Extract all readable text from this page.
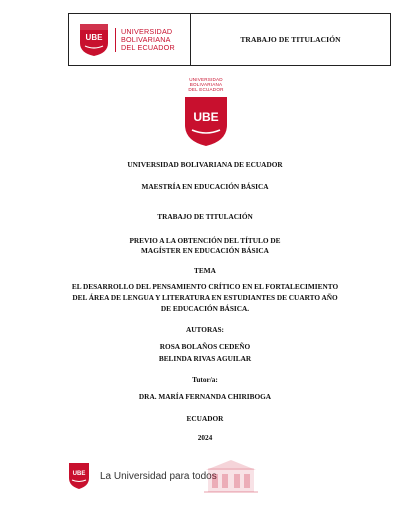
UBE
UNIVERSIDAD
BOLIVARIANA
DEL ECUADOR
TRABAJO DE TITULACIÓN
UNIVERSIDAD
BOLIVARIANA
DEL ECUADOR
UBE
UNIVERSIDAD BOLIVARIANA DE ECUADOR
MAESTRÍA EN EDUCACIÓN BÁSICA
TRABAJO DE TITULACIÓN
PREVIO A LA OBTENCIÓN DEL TÍTULO DE
MAGÍSTER EN EDUCACIÓN BÁSICA
TEMA
EL DESARROLLO DEL PENSAMIENTO CRÍTICO EN EL FORTALECIMIENTO
DEL ÁREA DE LENGUA Y LITERATURA EN ESTUDIANTES DE CUARTO AÑO
DE EDUCACIÓN BÁSICA.
AUTORAS:
ROSA BOLAÑOS CEDEÑO
BELINDA RIVAS AGUILAR
Tutor/a:
DRA. MARÍA FERNANDA CHIRIBOGA
ECUADOR
2024
UBE La Universidad para todos
